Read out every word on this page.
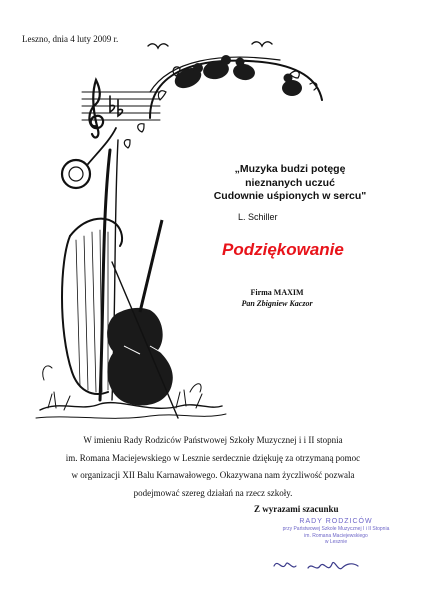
Leszno, dnia 4 luty 2009 r.
„Muzyka budzi potęgę
nieznanych uczuć
Cudownie uśpionych w sercu"
L. Schiller
Podziękowanie
Firma MAXIM
Pan Zbigniew Kaczor
W imieniu Rady Rodziców Państwowej Szkoły Muzycznej i i II stopnia
im. Romana Maciejewskiego w Lesznie serdecznie dziękuję za otrzymaną pomoc
w organizacji XII Balu Karnawałowego. Okazywana nam życzliwość pozwala
podejmować szereg działań na rzecz szkoły.
Z wyrazami szacunku
RADY RODZICÓW
przy Państwowej Szkole Muzycznej I i II Stopnia
im. Romana Maciejewskiego
w Lesznie
